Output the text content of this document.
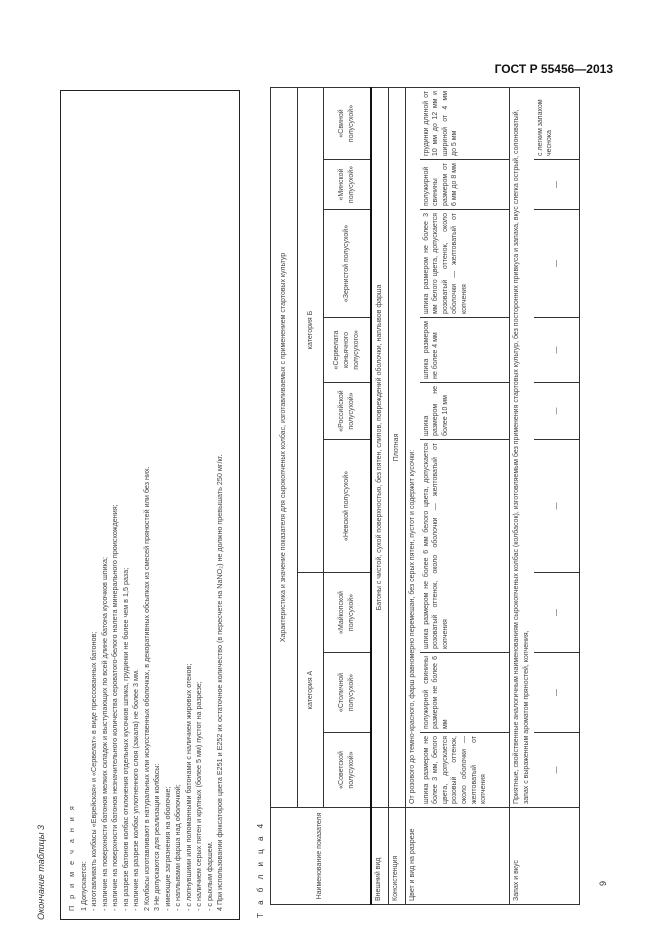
ГОСТ Р 55456—2013
Окончание таблицы 3	П р и м е ч а н и я 1 Допускается: - изготавливать колбасы «Еврейская» и «Сервелат» в виде прессованных батонов; - наличие на поверхности батонов мелких складок и выступающих по всей длине батона кусочков шпика; - наличие на поверхности батонов незначительного количества сероватого-белого налета минерального происхождения; - на разрезе батонов колбас отклонения отдельных кусочков шпика, грудинки не более чем в 1,5 раза; - наличие на разрезе колбас уплотненного слоя (закала) не более 3 мм. 2 Колбасы изготавливают в натуральных или искусственных оболочках, в декоративных обсыпках из смесей пряностей или без них. 3 Не допускаются для реализации колбасы: - имеющие загрязнения на оболочке; - с наплывами фарша над оболочкой; - с лопнувшими или поломанными батонами с наличием жировых отеков; - с наличием серых пятен и крупных (более 5 мм) пустот на разрезе; - с рыхлым фаршем. 4 При использовании фиксаторов цвета Е251 и Е252 их остаточное количество (в пересчете на NaNO₂) не должно превышать 250 мг/кг.	Т а б л и ц а 4	Наименование показателя	Характеристика и значение показателя для сырокопченых колбас, изготавливаемых с применением стартовых культур								
	категория А			категория Б					
	«Советской полусухой»	«Столичной полусухой»	«Майкопской полусухой»	«Невской полусухой»	«Российской полусухой»	«Сервелата коньячного полусухого»	«Зернистой полусухой»	«Минской полусухой»	«Свиной полусухой»
Внешний вид	Батоны с чистой, сухой поверхностью, без пятен, слипов, повреждений оболочки, наплывов фарша								
Консистенция	Плотная								
Цвет и вид на разрезе	От розового до темно-красного, фарш равномерно перемешан, без серых пятен, пустот и содержит кусочки:								
	шпика размером не более 3 мм, белого цвета, допускается розовый оттенок, около оболочки — желтоватый от копчения	полужирной свинины размером не более 6 мм	шпика размером не более 6 мм белого цвета, допускается розоватый оттенок, около оболочки — желтоватый от копчения		шпика размером не более 10 мм	шпика размером не более 4 мм	шпика размером не более 3 мм белого цвета, допускается розоватый оттенок, около оболочки — желтоватый от копчения	полужирной свинины размером от 6 мм до 8 мм	грудинки длиной от 10 мм до 12 мм и шириной от 4 мм до 5 мм
Запах и вкус	Приятные, свойственные аналогичным наименованиям сырокопченых колбас (колбасок), изготовляемым без применения стартовых культур, без посторонних привкуса и запаха, вкус слегка острый, солоноватый, запах с выраженным ароматом пряностей, копчения,								
	—	—	—	—	—	—	—	—	с легким запахом чеснока
9
